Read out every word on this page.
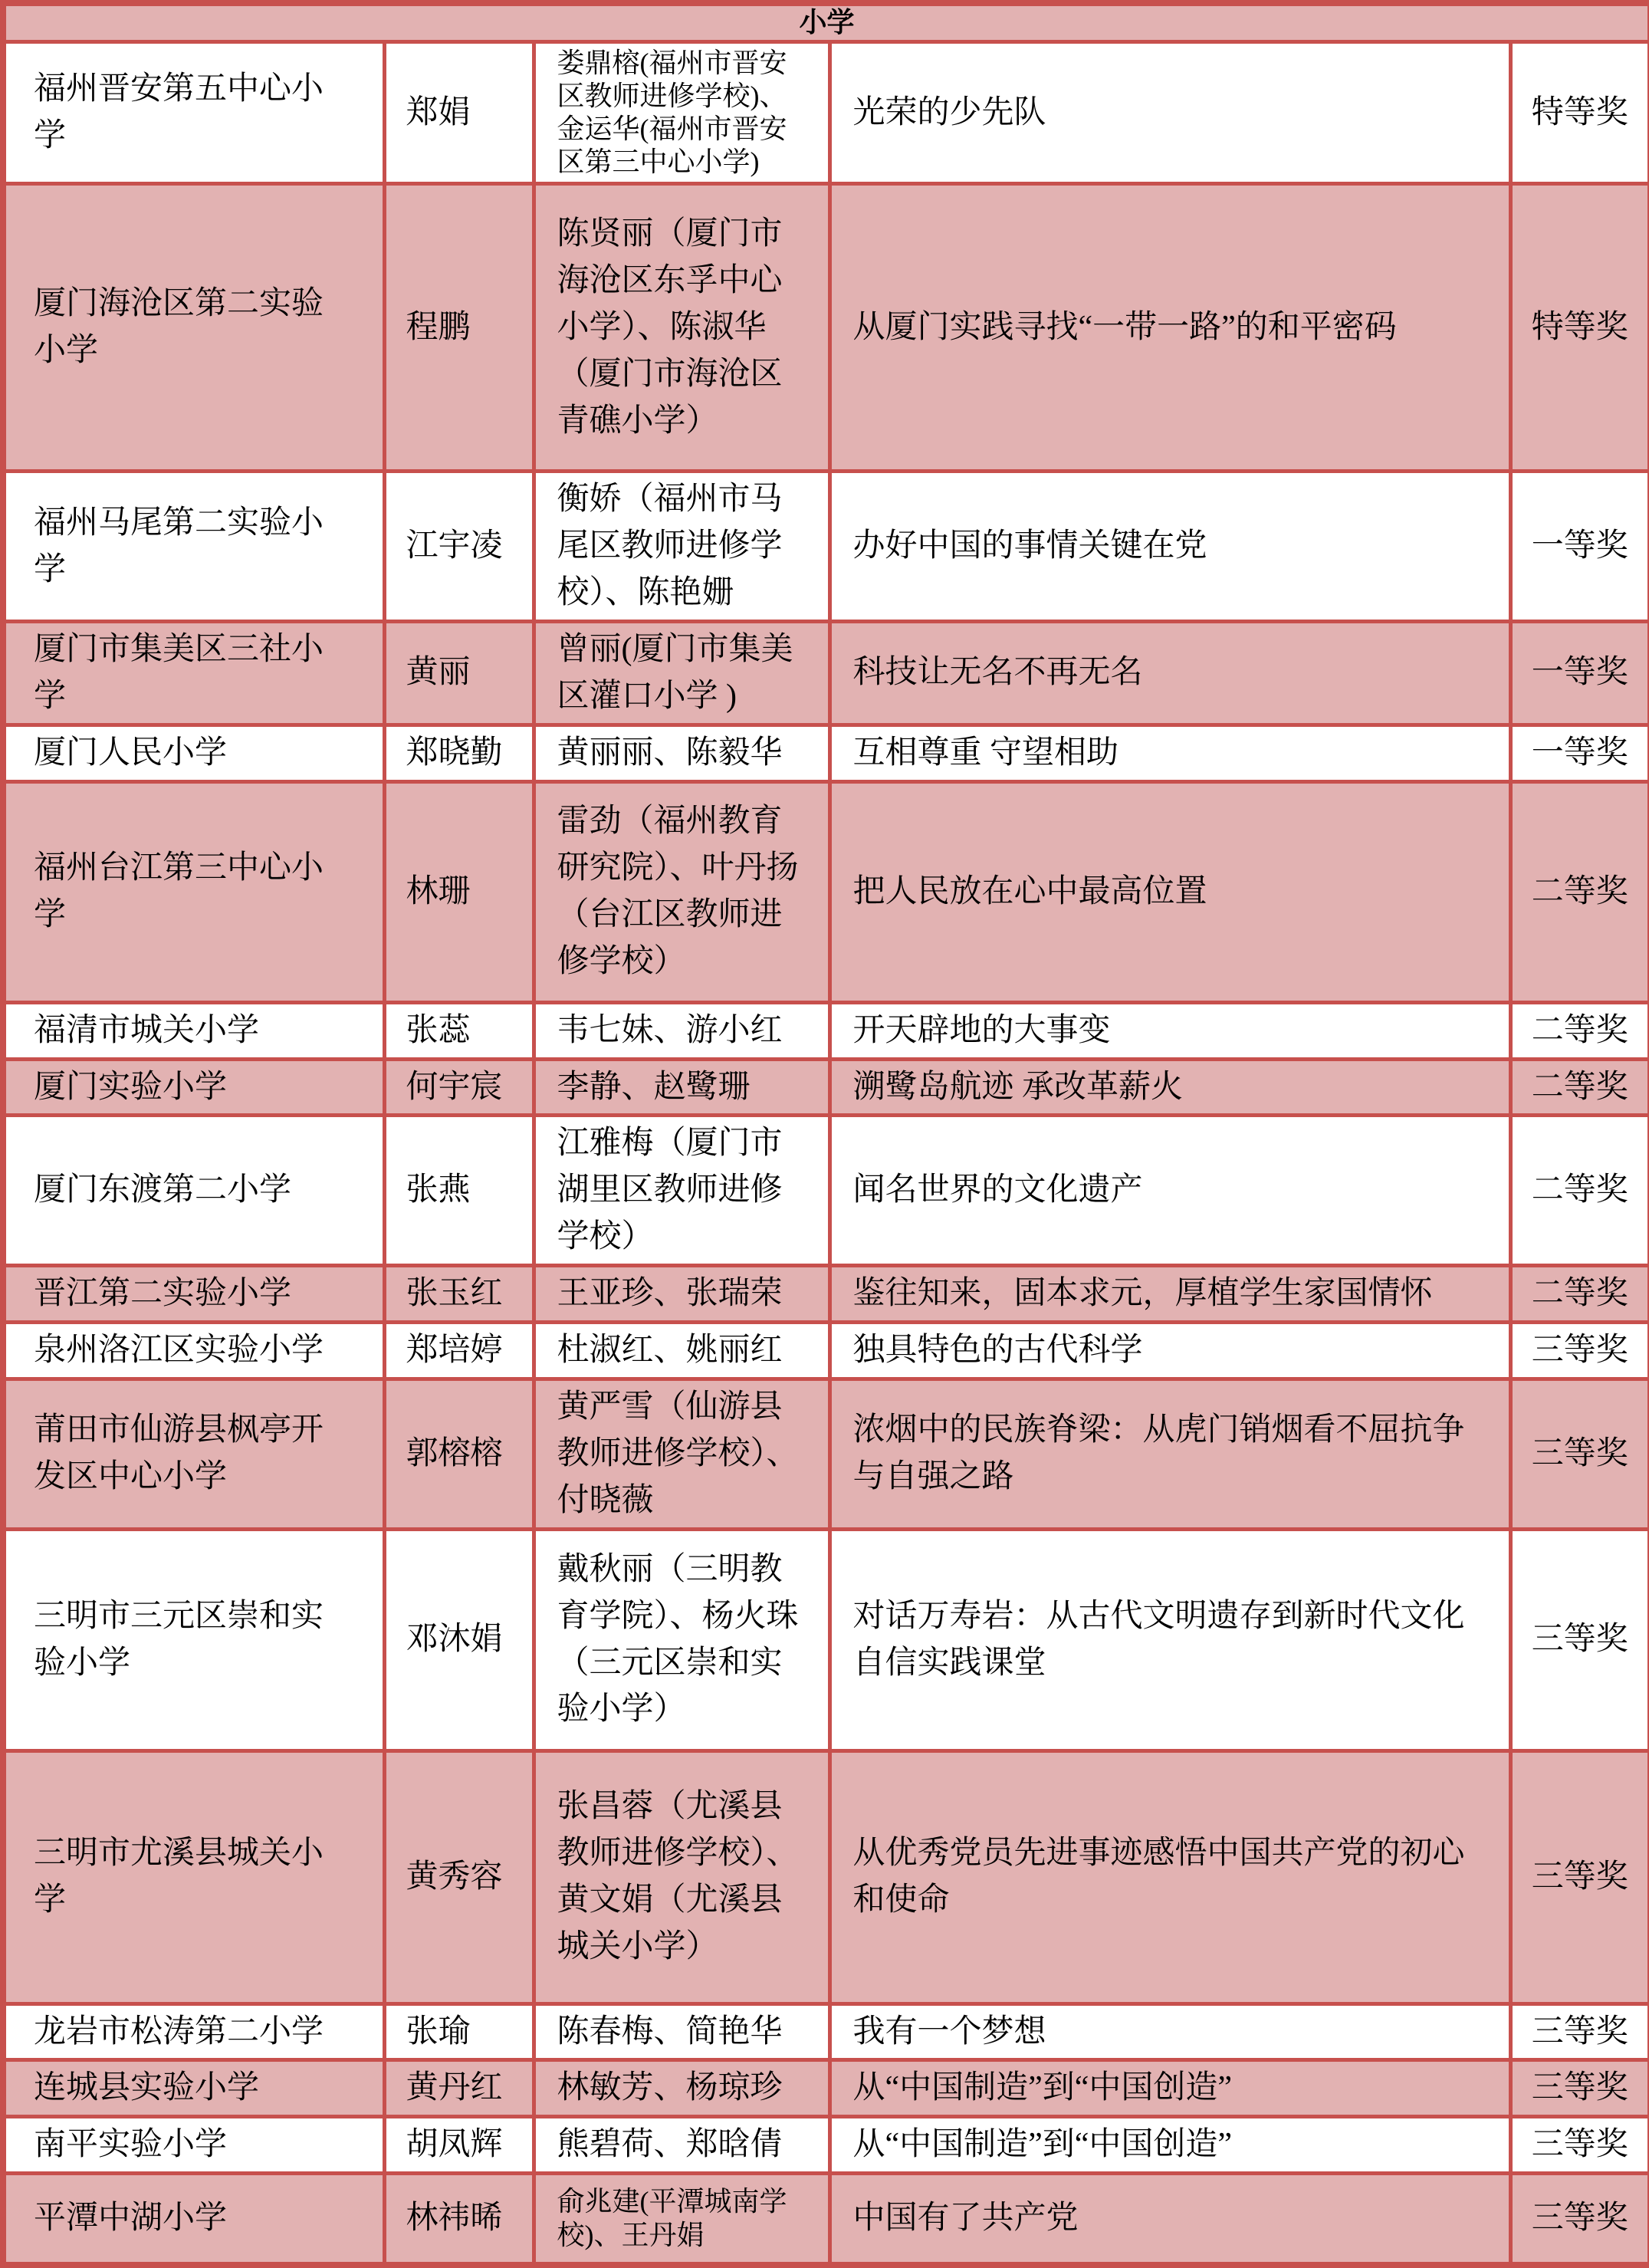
小学				
福州晋安第五中心小学	郑娟	娄鼎榕(福州市晋安区教师进修学校)、金运华(福州市晋安区第三中心小学)	光荣的少先队	特等奖
厦门海沧区第二实验小学	程鹏	陈贤丽（厦门市海沧区东孚中心小学）、陈淑华（厦门市海沧区青礁小学）	从厦门实践寻找“一带一路”的和平密码	特等奖
福州马尾第二实验小学	江宇凌	衡娇（福州市马尾区教师进修学校）、陈艳姗	办好中国的事情关键在党	一等奖
厦门市集美区三社小学	黄丽	曾丽(厦门市集美区灌口小学 )	科技让无名不再无名	一等奖
厦门人民小学	郑晓勤	黄丽丽、陈毅华	互相尊重 守望相助	一等奖
福州台江第三中心小学	林珊	雷劲（福州教育研究院）、叶丹扬（台江区教师进修学校）	把人民放在心中最高位置	二等奖
福清市城关小学	张蕊	韦七妹、游小红	开天辟地的大事变	二等奖
厦门实验小学	何宇宸	李静、赵鹭珊	溯鹭岛航迹 承改革薪火	二等奖
厦门东渡第二小学	张燕	江雅梅（厦门市湖里区教师进修学校）	闻名世界的文化遗产	二等奖
晋江第二实验小学	张玉红	王亚珍、张瑞荣	鉴往知来，固本求元，厚植学生家国情怀	二等奖
泉州洛江区实验小学	郑培婷	杜淑红、姚丽红	独具特色的古代科学	三等奖
莆田市仙游县枫亭开发区中心小学	郭榕榕	黄严雪（仙游县教师进修学校）、付晓薇	浓烟中的民族脊梁：从虎门销烟看不屈抗争与自强之路	三等奖
三明市三元区崇和实验小学	邓沐娟	戴秋丽（三明教育学院）、杨火珠（三元区崇和实验小学）	对话万寿岩：从古代文明遗存到新时代文化自信实践课堂	三等奖
三明市尤溪县城关小学	黄秀容	张昌蓉（尤溪县教师进修学校）、黄文娟（尤溪县城关小学）	从优秀党员先进事迹感悟中国共产党的初心和使命	三等奖
龙岩市松涛第二小学	张瑜	陈春梅、简艳华	我有一个梦想	三等奖
连城县实验小学	黄丹红	林敏芳、杨琼珍	从“中国制造”到“中国创造”	三等奖
南平实验小学	胡凤辉	熊碧荷、郑晗倩	从“中国制造”到“中国创造”	三等奖
平潭中湖小学	林祎晞	俞兆建(平潭城南学校)、王丹娟	中国有了共产党	三等奖
